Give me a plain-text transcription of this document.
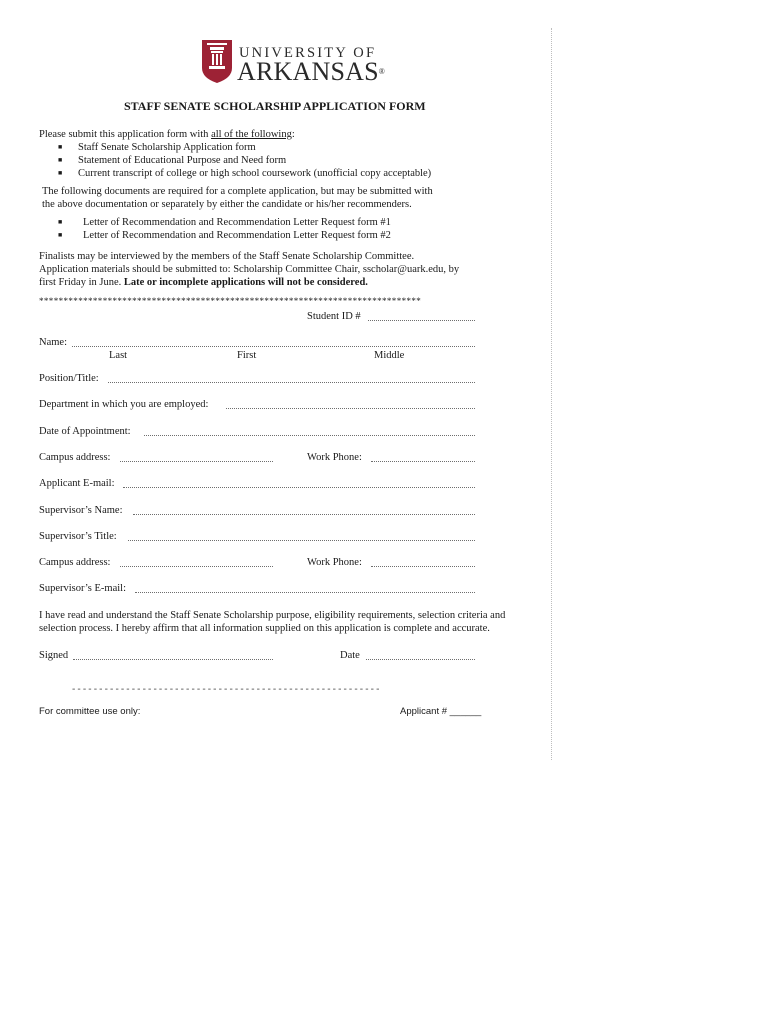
UNIVERSITY OF
ARKANSAS®
STAFF SENATE SCHOLARSHIP APPLICATION FORM
Please submit this application form with all of the following:
■ Staff Senate Scholarship Application form
■ Statement of Educational Purpose and Need form
■ Current transcript of college or high school coursework (unofficial copy acceptable)
The following documents are required for a complete application, but may be submitted with
the above documentation or separately by either the candidate or his/her recommenders.
■ Letter of Recommendation and Recommendation Letter Request form #1
■ Letter of Recommendation and Recommendation Letter Request form #2
Finalists may be interviewed by the members of the Staff Senate Scholarship Committee.
Application materials should be submitted to: Scholarship Committee Chair, sscholar@uark.edu, by
first Friday in June. Late or incomplete applications will not be considered.
******************************************************************************
Student ID #
Name:
Last	First	Middle
Position/Title:
Department in which you are employed:
Date of Appointment:
Campus address:	Work Phone:
Applicant E-mail:
Supervisor’s Name:
Supervisor’s Title:
Campus address:	Work Phone:
Supervisor’s E-mail:
I have read and understand the Staff Senate Scholarship purpose, eligibility requirements, selection criteria and
selection process. I hereby affirm that all information supplied on this application is complete and accurate.
Signed	Date
---------------------------------------------------------
For committee use only:	Applicant # ______
